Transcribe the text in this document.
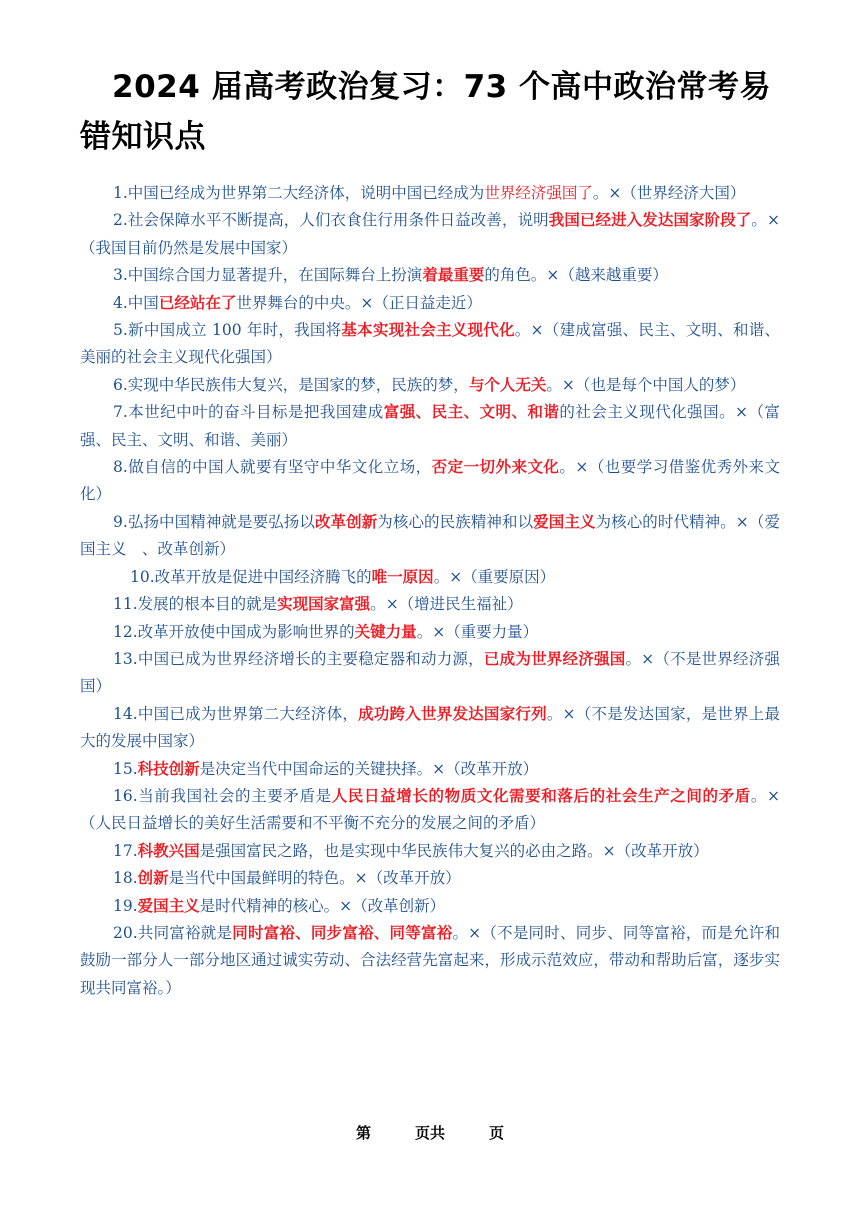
2024 届高考政治复习：73 个高中政治常考易错知识点

1.中国已经成为世界第二大经济体，说明中国已经成为世界经济强国了。×（世界经济大国）

2.社会保障水平不断提高，人们衣食住行用条件日益改善，说明我国已经进入发达国家阶段了。×（我国目前仍然是发展中国家）

3.中国综合国力显著提升，在国际舞台上扮演着最重要的角色。×（越来越重要）

4.中国已经站在了世界舞台的中央。×（正日益走近）

5.新中国成立 100 年时，我国将基本实现社会主义现代化。×（建成富强、民主、文明、和谐、美丽的社会主义现代化强国）

6.实现中华民族伟大复兴，是国家的梦，民族的梦，与个人无关。×（也是每个中国人的梦）

7.本世纪中叶的奋斗目标是把我国建成富强、民主、文明、和谐的社会主义现代化强国。×（富强、民主、文明、和谐、美丽）

8.做自信的中国人就要有坚守中华文化立场，否定一切外来文化。×（也要学习借鉴优秀外来文化）

9.弘扬中国精神就是要弘扬以改革创新为核心的民族精神和以爱国主义为核心的时代精神。×（爱国主义　、改革创新）

10.改革开放是促进中国经济腾飞的唯一原因。×（重要原因）

11.发展的根本目的就是实现国家富强。×（增进民生福祉）

12.改革开放使中国成为影响世界的关键力量。×（重要力量）

13.中国已成为世界经济增长的主要稳定器和动力源，已成为世界经济强国。×（不是世界经济强国）

14.中国已成为世界第二大经济体，成功跨入世界发达国家行列。×（不是发达国家，是世界上最大的发展中国家）

15.科技创新是决定当代中国命运的关键抉择。×（改革开放）

16.当前我国社会的主要矛盾是人民日益增长的物质文化需要和落后的社会生产之间的矛盾。×（人民日益增长的美好生活需要和不平衡不充分的发展之间的矛盾）

17.科教兴国是强国富民之路，也是实现中华民族伟大复兴的必由之路。×（改革开放）

18.创新是当代中国最鲜明的特色。×（改革开放）

19.爱国主义是时代精神的核心。×（改革创新）

20.共同富裕就是同时富裕、同步富裕、同等富裕。×（不是同时、同步、同等富裕，而是允许和鼓励一部分人一部分地区通过诚实劳动、合法经营先富起来，形成示范效应，带动和帮助后富，逐步实现共同富裕。）

第	页共	页
